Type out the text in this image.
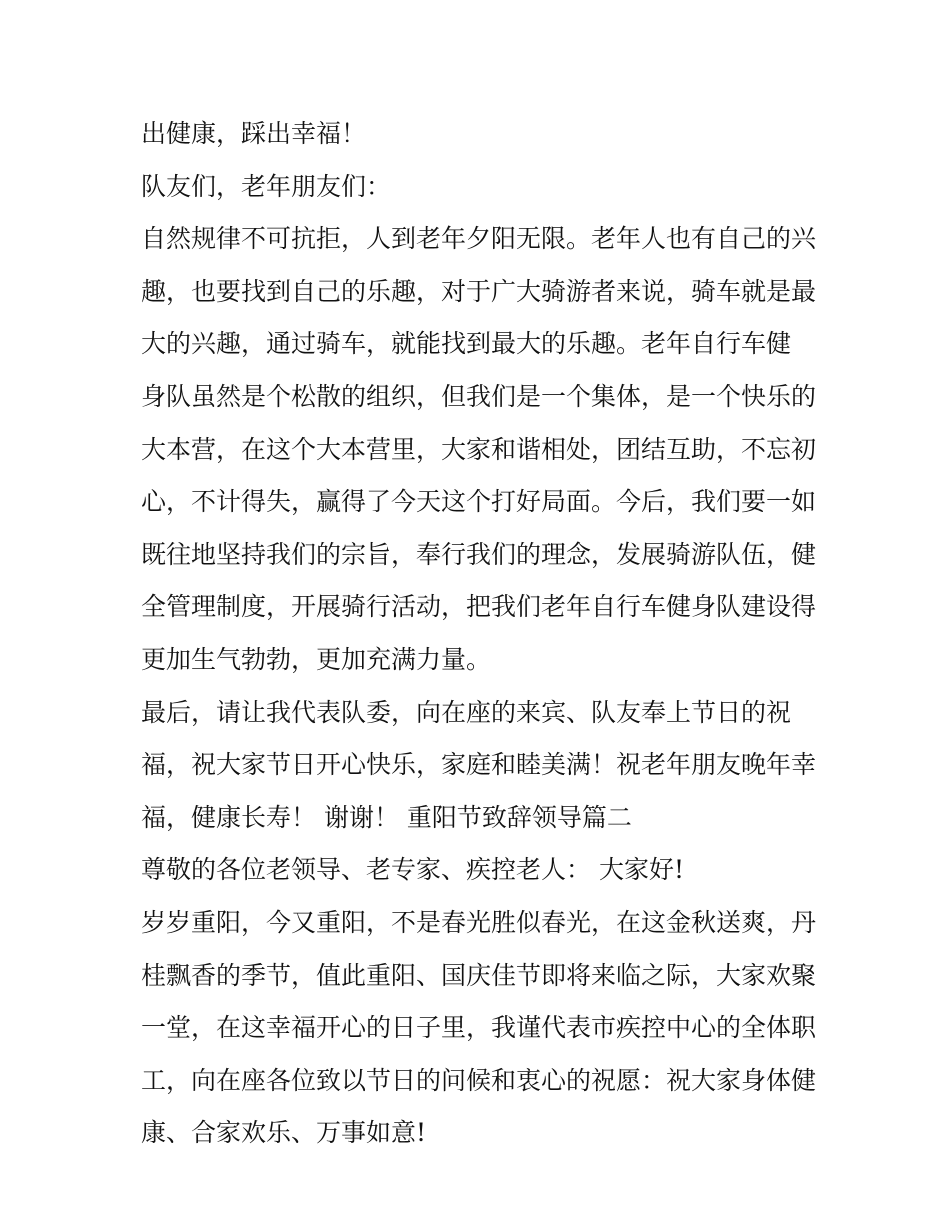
出健康，踩出幸福！

队友们，老年朋友们：

自然规律不可抗拒，人到老年夕阳无限。老年人也有自己的兴

趣，也要找到自己的乐趣，对于广大骑游者来说，骑车就是最

大的兴趣，通过骑车，就能找到最大的乐趣。老年自行车健

身队虽然是个松散的组织，但我们是一个集体，是一个快乐的

大本营，在这个大本营里，大家和谐相处，团结互助，不忘初

心，不计得失，赢得了今天这个打好局面。今后，我们要一如

既往地坚持我们的宗旨，奉行我们的理念，发展骑游队伍，健

全管理制度，开展骑行活动，把我们老年自行车健身队建设得

更加生气勃勃，更加充满力量。

最后，请让我代表队委，向在座的来宾、队友奉上节日的祝

福，祝大家节日开心快乐，家庭和睦美满！祝老年朋友晚年幸

福，健康长寿！ 谢谢！ 重阳节致辞领导篇二

尊敬的各位老领导、老专家、疾控老人： 大家好!

岁岁重阳，今又重阳，不是春光胜似春光，在这金秋送爽，丹

桂飘香的季节，值此重阳、国庆佳节即将来临之际，大家欢聚

一堂，在这幸福开心的日子里，我谨代表市疾控中心的全体职

工，向在座各位致以节日的问候和衷心的祝愿：祝大家身体健

康、合家欢乐、万事如意!
